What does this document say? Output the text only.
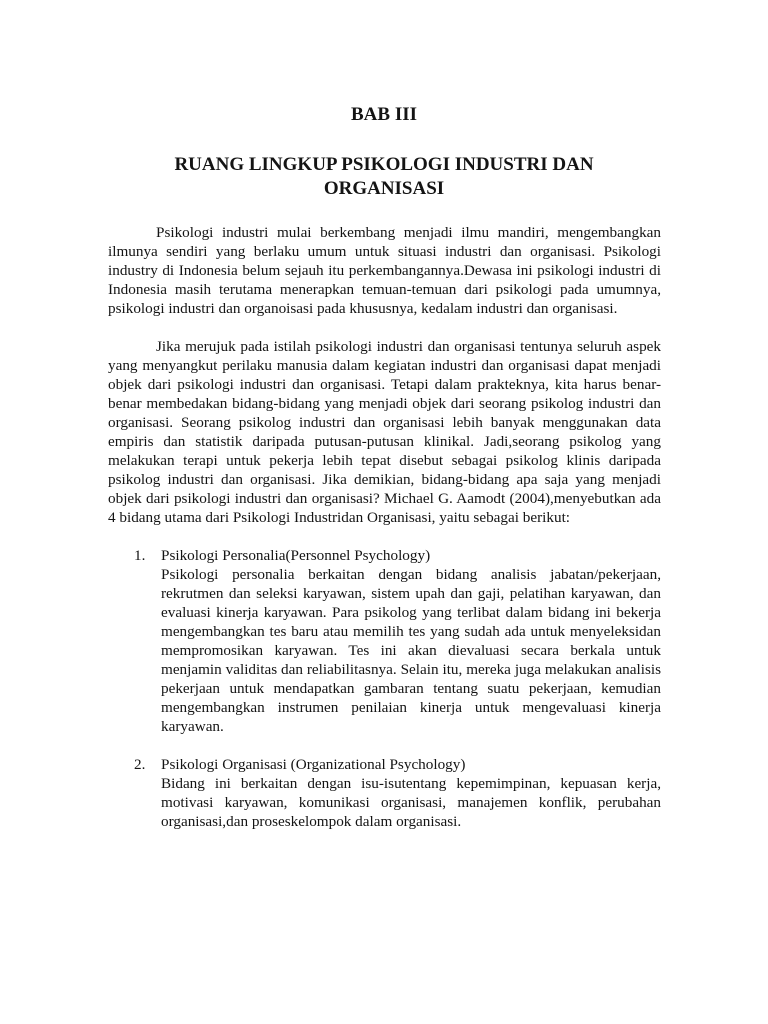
BAB III
RUANG LINGKUP PSIKOLOGI INDUSTRI DAN
ORGANISASI

Psikologi industri mulai berkembang menjadi ilmu mandiri, mengembangkan ilmunya sendiri yang berlaku umum untuk situasi industri dan organisasi. Psikologi industry di Indonesia belum sejauh itu perkembangannya.Dewasa ini psikologi industri di Indonesia masih terutama menerapkan temuan-temuan dari psikologi pada umumnya, psikologi industri dan organoisasi pada khususnya, kedalam industri dan organisasi.

Jika merujuk pada istilah psikologi industri dan organisasi tentunya seluruh aspek yang menyangkut perilaku manusia dalam kegiatan industri dan organisasi dapat menjadi objek dari psikologi industri dan organisasi. Tetapi dalam prakteknya, kita harus benar-benar membedakan bidang-bidang yang menjadi objek dari seorang psikolog industri dan organisasi. Seorang psikolog industri dan organisasi lebih banyak menggunakan data empiris dan statistik daripada putusan-putusan klinikal. Jadi,seorang psikolog yang melakukan terapi untuk pekerja lebih tepat disebut sebagai psikolog klinis daripada psikolog industri dan organisasi. Jika demikian, bidang-bidang apa saja yang menjadi objek dari psikologi industri dan organisasi? Michael G. Aamodt (2004),menyebutkan ada 4 bidang utama dari Psikologi Industridan Organisasi, yaitu sebagai berikut:

1. Psikologi Personalia(Personnel Psychology)
Psikologi personalia berkaitan dengan bidang analisis jabatan/pekerjaan, rekrutmen dan seleksi karyawan, sistem upah dan gaji, pelatihan karyawan, dan evaluasi kinerja karyawan. Para psikolog yang terlibat dalam bidang ini bekerja mengembangkan tes baru atau memilih tes yang sudah ada untuk menyeleksidan mempromosikan karyawan. Tes ini akan dievaluasi secara berkala untuk menjamin validitas dan reliabilitasnya. Selain itu, mereka juga melakukan analisis pekerjaan untuk mendapatkan gambaran tentang suatu pekerjaan, kemudian mengembangkan instrumen penilaian kinerja untuk mengevaluasi kinerja karyawan.
2. Psikologi Organisasi (Organizational Psychology)
Bidang ini berkaitan dengan isu-isutentang kepemimpinan, kepuasan kerja, motivasi karyawan, komunikasi organisasi, manajemen konflik, perubahan organisasi,dan proseskelompok dalam organisasi.
